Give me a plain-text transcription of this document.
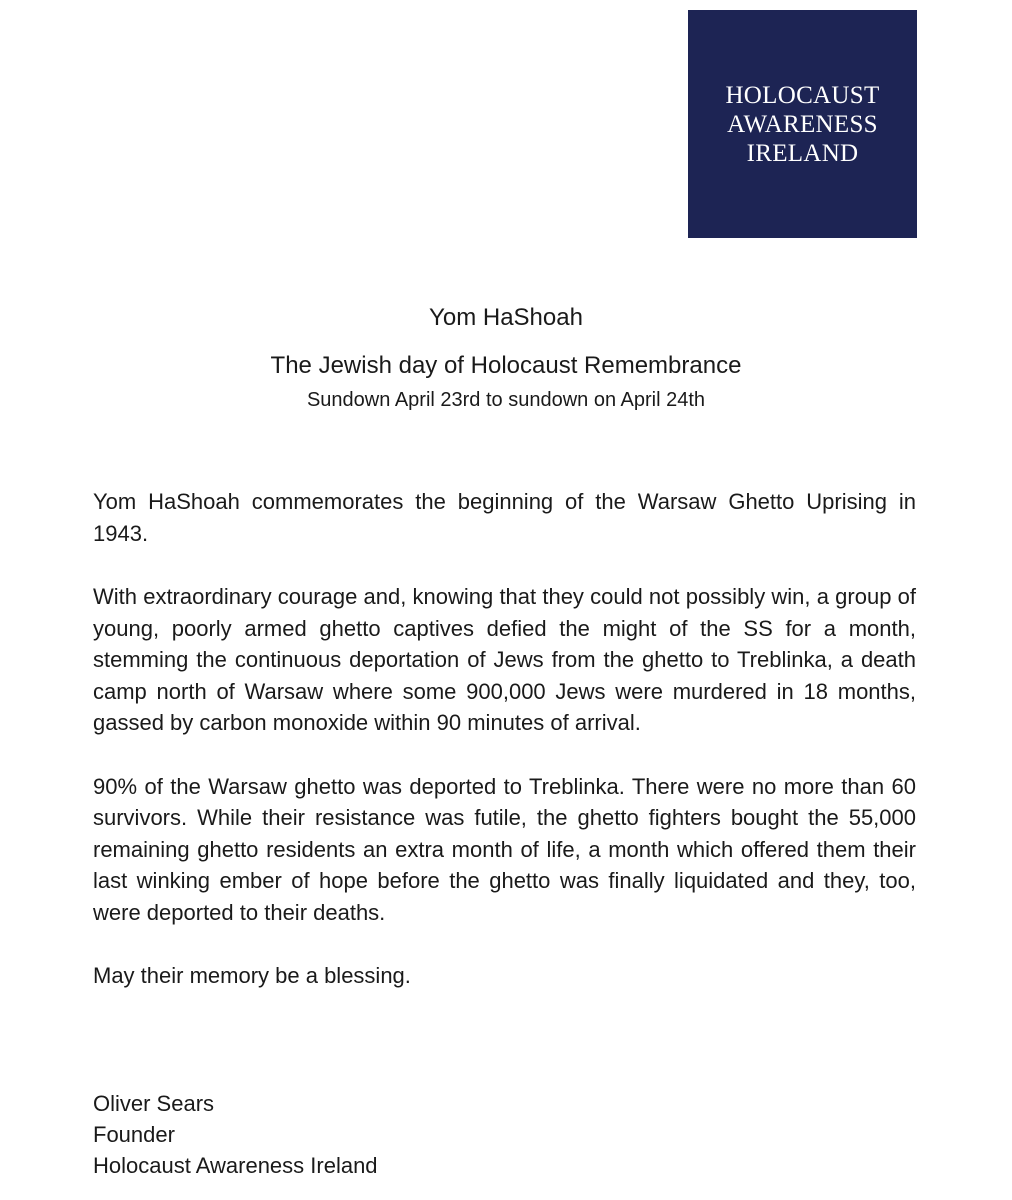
HOLOCAUST
AWARENESS
IRELAND
Yom HaShoah
The Jewish day of Holocaust Remembrance
Sundown April 23rd to sundown on April 24th

Yom HaShoah commemorates the beginning of the Warsaw Ghetto Uprising in 1943.

With extraordinary courage and, knowing that they could not possibly win, a group of young, poorly armed ghetto captives defied the might of the SS for a month, stemming the continuous deportation of Jews from the ghetto to Treblinka, a death camp north of Warsaw where some 900,000 Jews were murdered in 18 months, gassed by carbon monoxide within 90 minutes of arrival.

90% of the Warsaw ghetto was deported to Treblinka. There were no more than 60 survivors. While their resistance was futile, the ghetto fighters bought the 55,000 remaining ghetto residents an extra month of life, a month which offered them their last winking ember of hope before the ghetto was finally liquidated and they, too, were deported to their deaths.

May their memory be a blessing.

Oliver Sears
Founder
Holocaust Awareness Ireland
